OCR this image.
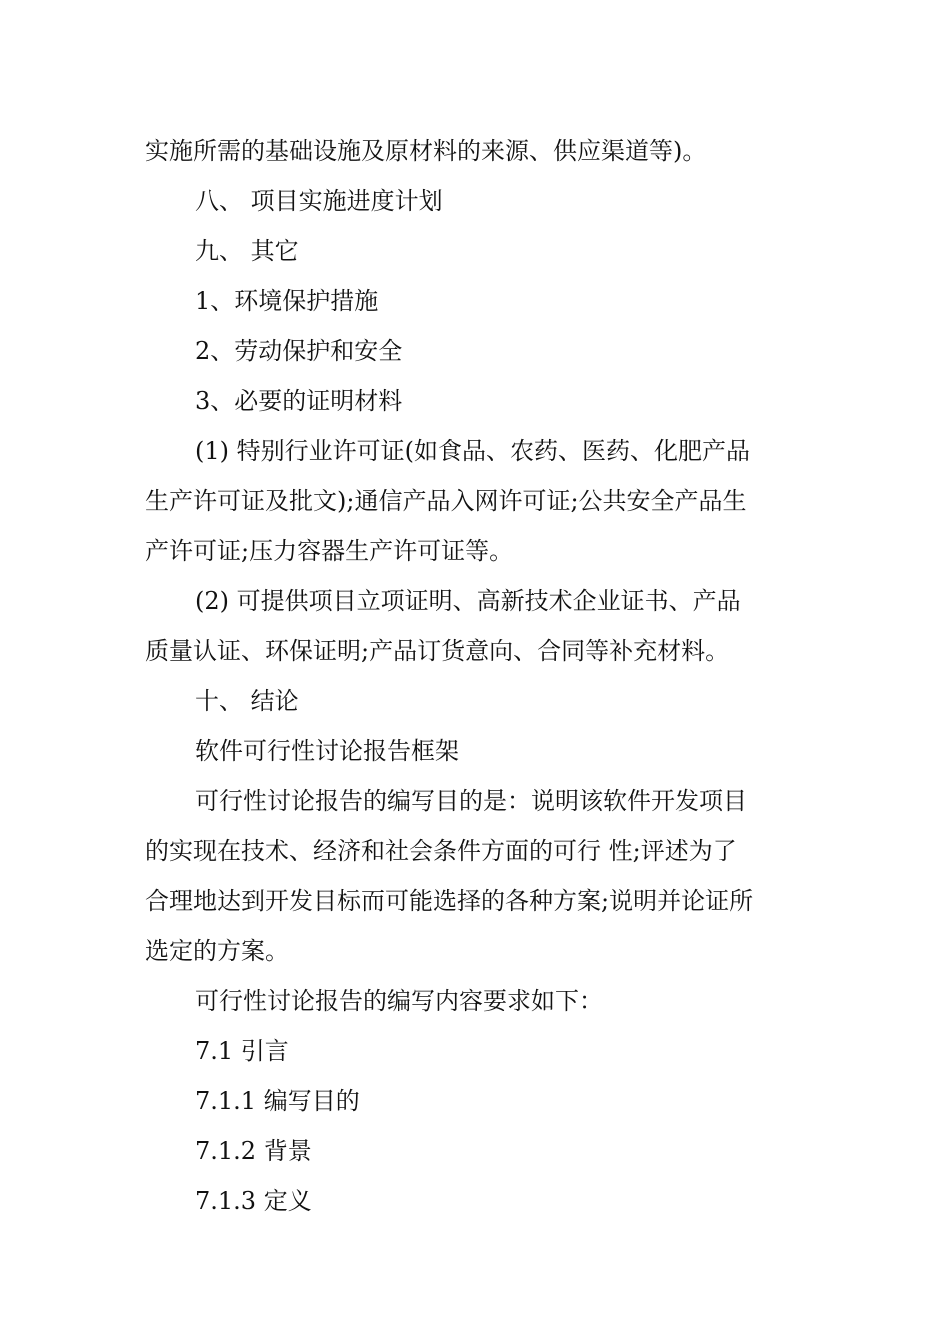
实施所需的基础设施及原材料的来源、供应渠道等)。

八、 项目实施进度计划

九、 其它

1、环境保护措施

2、劳动保护和安全

3、必要的证明材料

(1) 特别行业许可证(如食品、农药、医药、化肥产品

生产许可证及批文);通信产品入网许可证;公共安全产品生

产许可证;压力容器生产许可证等。

(2) 可提供项目立项证明、高新技术企业证书、产品

质量认证、环保证明;产品订货意向、合同等补充材料。

十、 结论

软件可行性讨论报告框架

可行性讨论报告的编写目的是：说明该软件开发项目

的实现在技术、经济和社会条件方面的可行 性;评述为了

合理地达到开发目标而可能选择的各种方案;说明并论证所

选定的方案。

可行性讨论报告的编写内容要求如下：

7.1 引言

7.1.1 编写目的

7.1.2 背景

7.1.3 定义
